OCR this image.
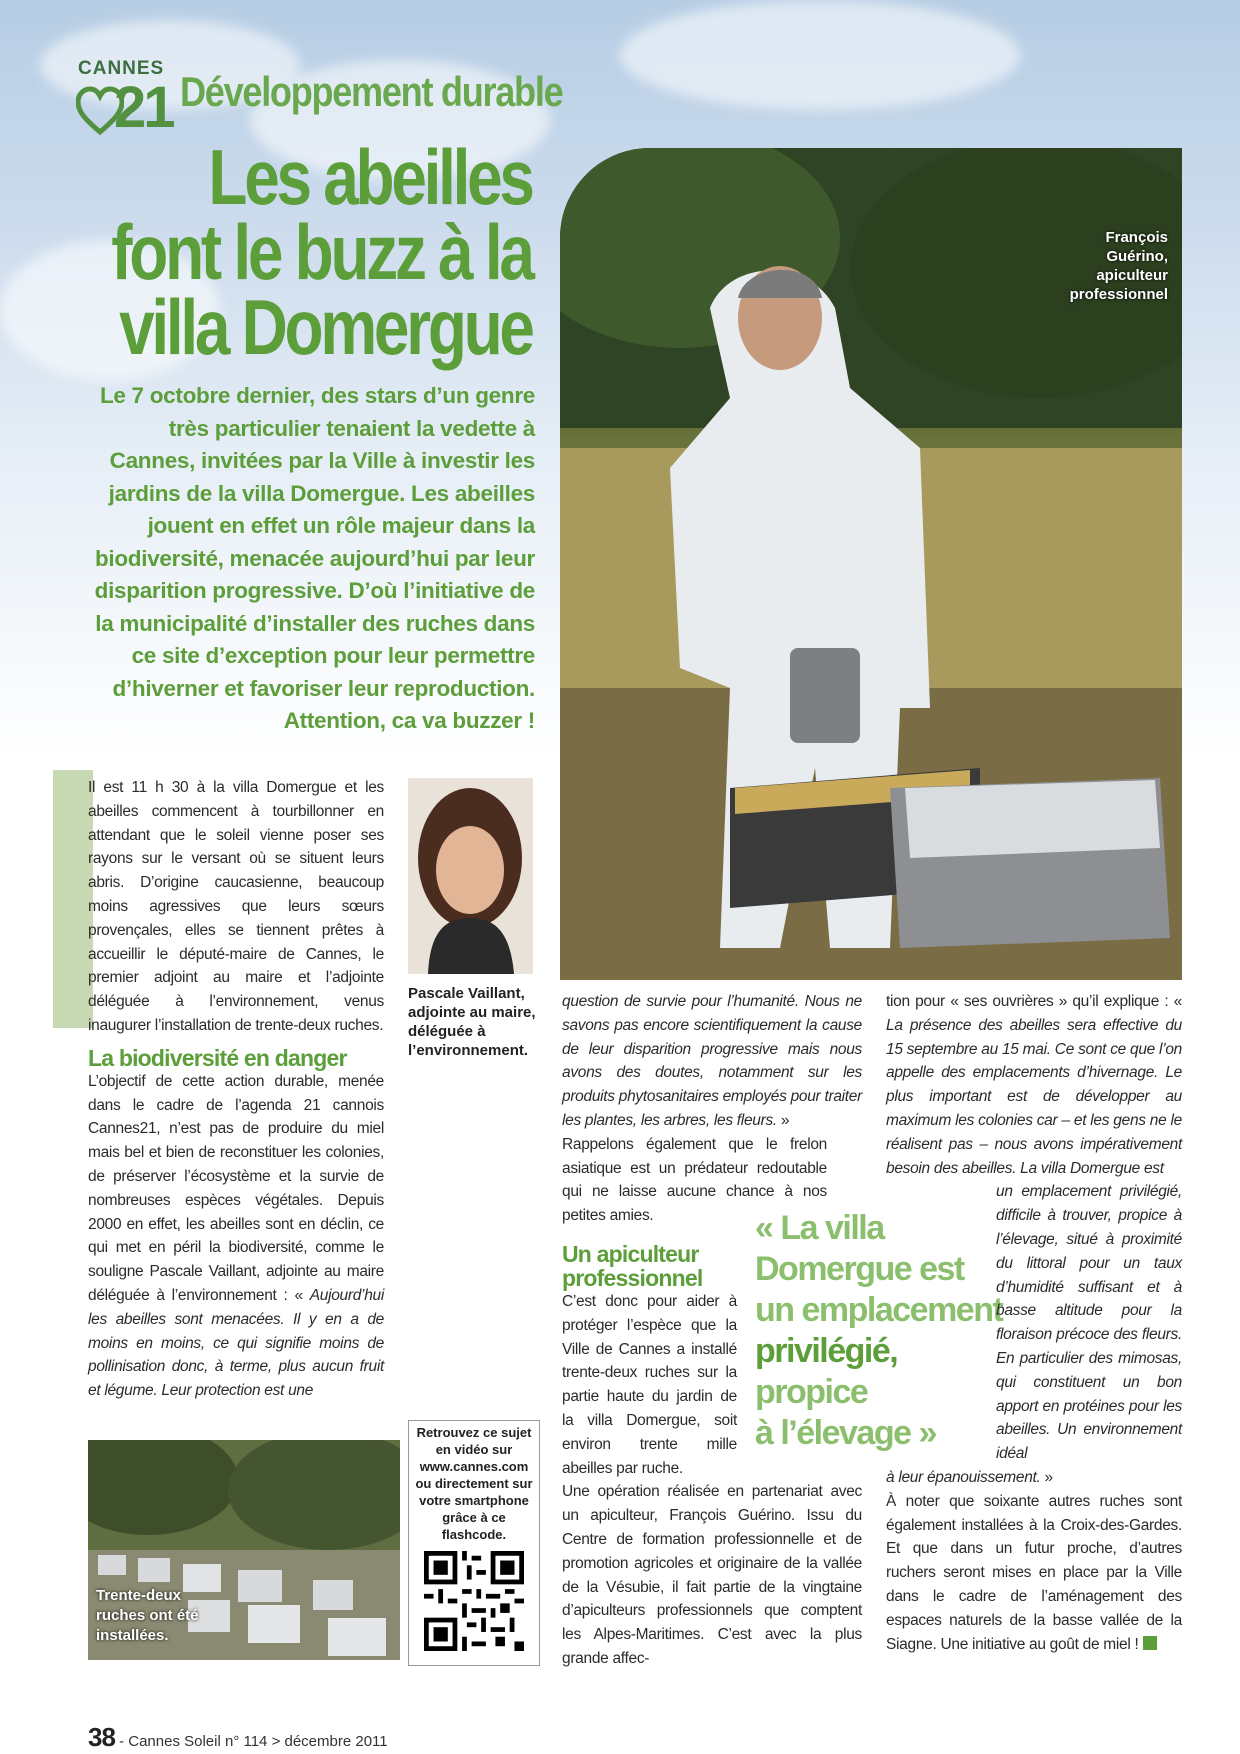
CANNES
21 Développement durable
Les abeilles
font le buzz à la
villa Domergue
Le 7 octobre dernier, des stars d’un genre très particulier tenaient la vedette à Cannes, invitées par la Ville à investir les jardins de la villa Domergue. Les abeilles jouent en effet un rôle majeur dans la biodiversité, menacée aujourd’hui par leur disparition progressive. D’où l’initiative de la municipalité d’installer des ruches dans ce site d’exception pour leur permettre d’hiverner et favoriser leur reproduction. Attention, ca va buzzer !
François
Guérino,
apiculteur
professionnel

Il est 11 h 30 à la villa Domergue et les abeilles commencent à tourbillonner en attendant que le soleil vienne poser ses rayons sur le versant où se situent leurs abris. D’origine caucasienne, beaucoup moins agressives que leurs sœurs provençales, elles se tiennent prêtes à accueillir le député-maire de Cannes, le premier adjoint au maire et l’adjointe déléguée à l’environnement, venus inaugurer l’installation de trente-deux ruches.

La biodiversité en danger

L’objectif de cette action durable, menée dans le cadre de l’agenda 21 cannois Cannes21, n’est pas de produire du miel mais bel et bien de reconstituer les colonies, de préserver l’écosystème et la survie de nombreuses espèces végétales. Depuis 2000 en effet, les abeilles sont en déclin, ce qui met en péril la biodiversité, comme le souligne Pascale Vaillant, adjointe au maire déléguée à l’environnement : « Aujourd’hui les abeilles sont menacées. Il y en a de moins en moins, ce qui signifie moins de pollinisation donc, à terme, plus aucun fruit et légume. Leur protection est une

Pascale Vaillant,
adjointe au maire,
déléguée à
l’environnement.
Trente-deux
ruches ont été
installées.
Retrouvez ce sujet
en vidéo sur
www.cannes.com
ou directement sur
votre smartphone
grâce à ce
flashcode.

question de survie pour l’humanité. Nous ne savons pas encore scientifiquement la cause de leur disparition progressive mais nous avons des doutes, notamment sur les produits phytosanitaires employés pour traiter les plantes, les arbres, les fleurs. »

Rappelons également que le frelon asiatique est un prédateur redoutable qui ne laisse aucune chance à nos petites amies.

Un apiculteur
professionnel

C’est donc pour aider à protéger l’espèce que la Ville de Cannes a installé trente-deux ruches sur la partie haute du jardin de la villa Domergue, soit environ trente mille abeilles par ruche.

Une opération réalisée en partenariat avec un apiculteur, François Guérino. Issu du Centre de formation professionnelle et de promotion agricoles et originaire de la vallée de la Vésubie, il fait partie de la vingtaine d’apiculteurs professionnels que comptent les Alpes-Maritimes. C’est avec la plus grande affec-

« La villa
Domergue est
un emplacement
privilégié,
propice
à l’élevage »

tion pour « ses ouvrières » qu’il explique : « La présence des abeilles sera effective du 15 septembre au 15 mai. Ce sont ce que l’on appelle des emplacements d’hivernage. Le plus important est de développer au maximum les colonies car – et les gens ne le réalisent pas – nous avons impérativement besoin des abeilles. La villa Domergue est

un emplacement privilégié, difficile à trouver, propice à l’élevage, situé à proximité du littoral pour un taux d’humidité suffisant et à basse altitude pour la floraison précoce des fleurs. En particulier des mimosas, qui constituent un bon apport en protéines pour les abeilles. Un environnement idéal

à leur épanouissement. »

À noter que soixante autres ruches sont également installées à la Croix-des-Gardes. Et que dans un futur proche, d’autres ruchers seront mises en place par la Ville dans le cadre de l’aménagement des espaces naturels de la basse vallée de la Siagne. Une initiative au goût de miel !

38 - Cannes Soleil n° 114 > décembre 2011
